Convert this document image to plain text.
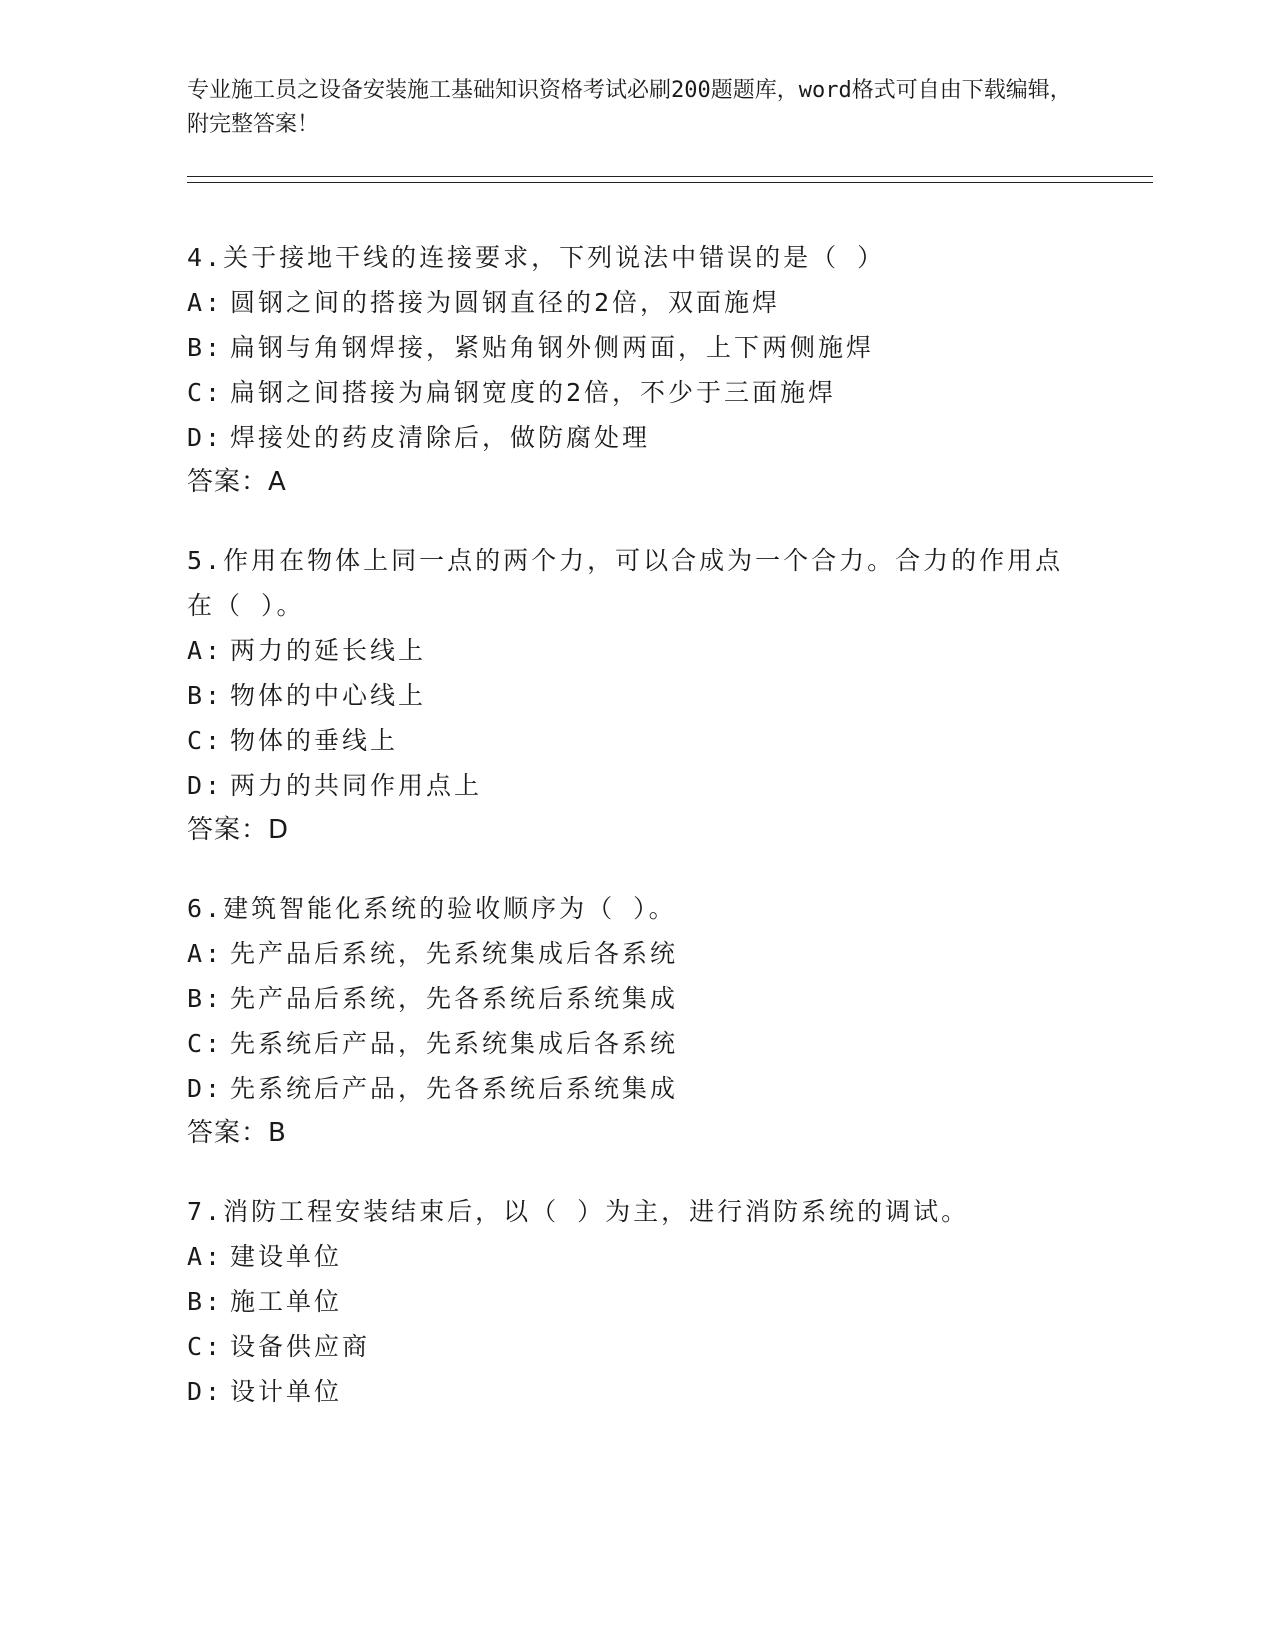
专业施工员之设备安装施工基础知识资格考试必刷200题题库，word格式可自由下载编辑，附完整答案！
4.关于接地干线的连接要求，下列说法中错误的是（ ）
A: 圆钢之间的搭接为圆钢直径的2倍，双面施焊
B: 扁钢与角钢焊接，紧贴角钢外侧两面，上下两侧施焊
C: 扁钢之间搭接为扁钢宽度的2倍，不少于三面施焊
D: 焊接处的药皮清除后，做防腐处理
答案：A
5.作用在物体上同一点的两个力，可以合成为一个合力。合力的作用点在（ ）。
A: 两力的延长线上
B: 物体的中心线上
C: 物体的垂线上
D: 两力的共同作用点上
答案：D
6.建筑智能化系统的验收顺序为（ ）。
A: 先产品后系统，先系统集成后各系统
B: 先产品后系统，先各系统后系统集成
C: 先系统后产品，先系统集成后各系统
D: 先系统后产品，先各系统后系统集成
答案：B
7.消防工程安装结束后，以（ ）为主，进行消防系统的调试。
A: 建设单位
B: 施工单位
C: 设备供应商
D: 设计单位
